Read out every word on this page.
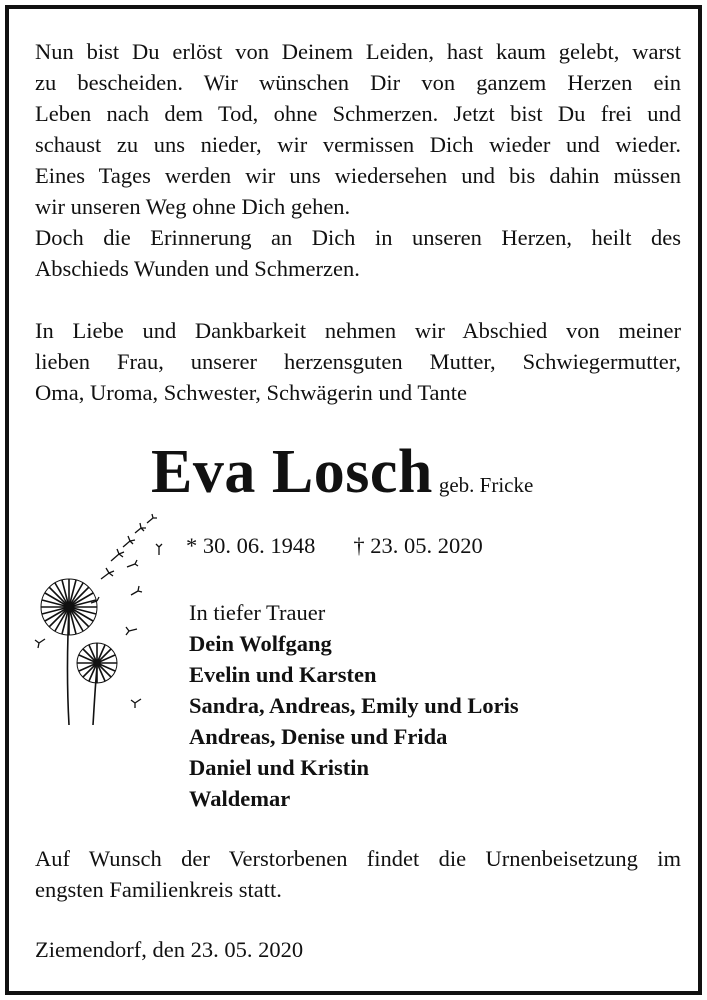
Nun bist Du erlöst von Deinem Leiden, hast kaum gelebt, warst
zu bescheiden. Wir wünschen Dir von ganzem Herzen ein
Leben nach dem Tod, ohne Schmerzen. Jetzt bist Du frei und
schaust zu uns nieder, wir vermissen Dich wieder und wieder.
Eines Tages werden wir uns wiedersehen und bis dahin müssen
wir unseren Weg ohne Dich gehen.
Doch die Erinnerung an Dich in unseren Herzen, heilt des
Abschieds Wunden und Schmerzen.

In Liebe und Dankbarkeit nehmen wir Abschied von meiner
lieben Frau, unserer herzensguten Mutter, Schwiegermutter,
Oma, Uroma, Schwester, Schwägerin und Tante

Eva Losch geb. Fricke
* 30. 06. 1948 † 23. 05. 2020
In tiefer Trauer
Dein Wolfgang
Evelin und Karsten
Sandra, Andreas, Emily und Loris
Andreas, Denise und Frida
Daniel und Kristin
Waldemar

Auf Wunsch der Verstorbenen findet die Urnenbeisetzung im
engsten Familienkreis statt.

Ziemendorf, den 23. 05. 2020
